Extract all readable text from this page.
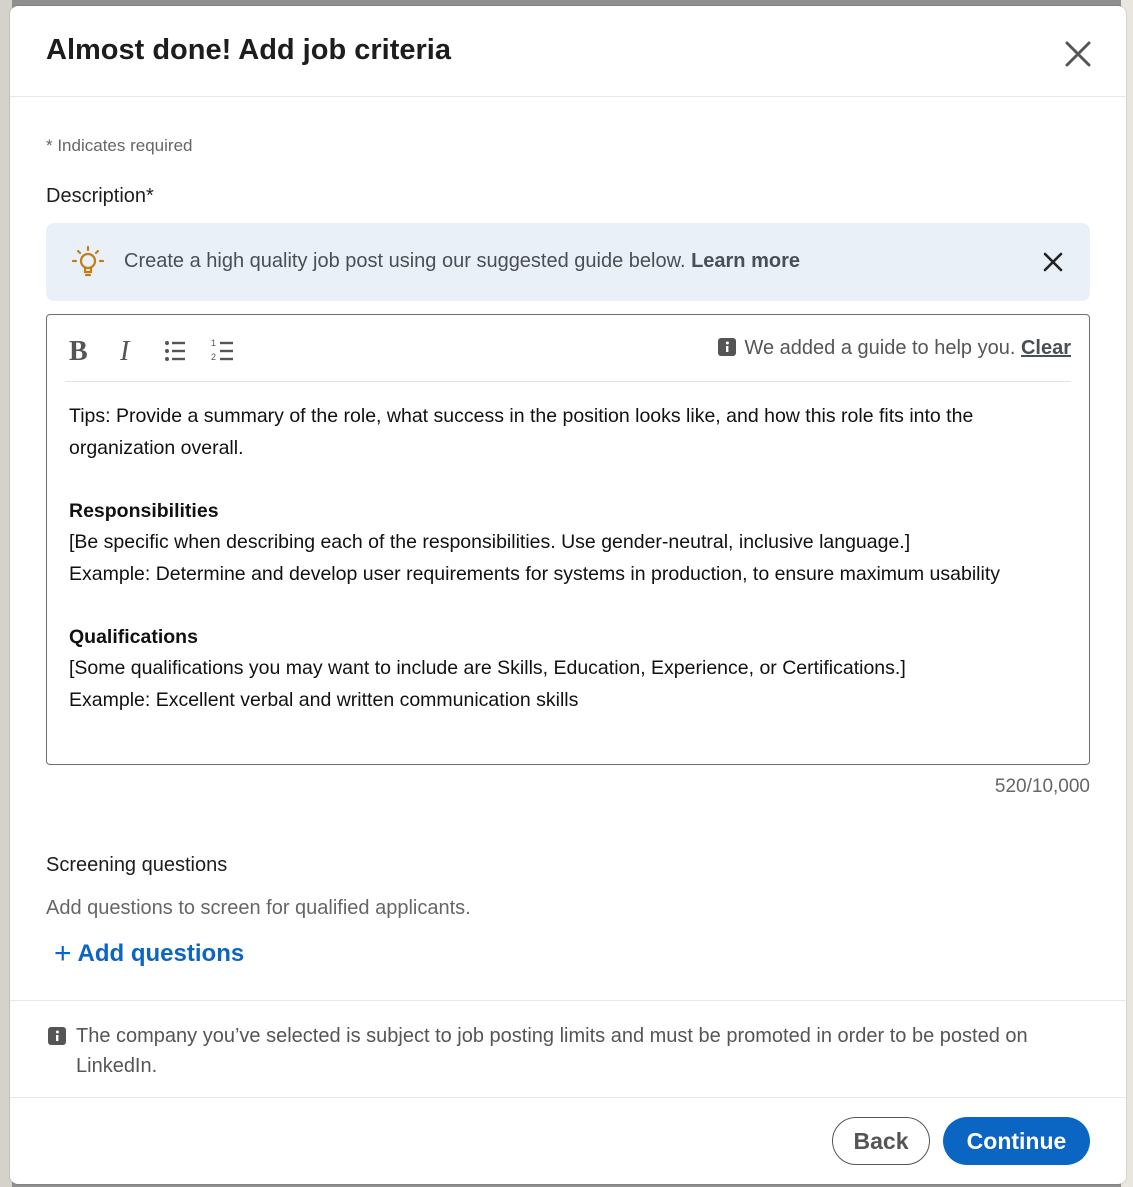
Almost done! Add job criteria
* Indicates required
Description*
Create a high quality job post using our suggested guide below. Learn more
B I	1
2	We added a guide to help you. Clear

Tips: Provide a summary of the role, what success in the position looks like, and how this role fits into the organization overall.

Responsibilities

[Be specific when describing each of the responsibilities. Use gender-neutral, inclusive language.]

Example: Determine and develop user requirements for systems in production, to ensure maximum usability

Qualifications

[Some qualifications you may want to include are Skills, Education, Experience, or Certifications.]

Example: Excellent verbal and written communication skills

520/10,000
Screening questions
Add questions to screen for qualified applicants.
+ Add questions
The company you’ve selected is subject to job posting limits and must be promoted in order to be posted on LinkedIn.
Back	Continue
